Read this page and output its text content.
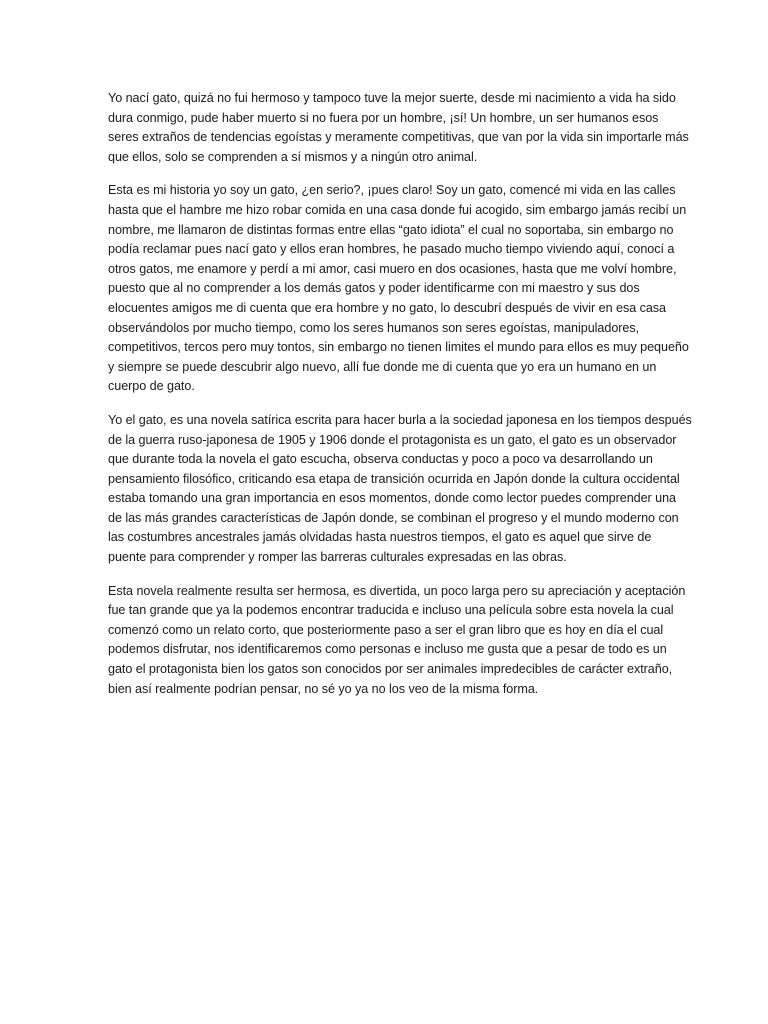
Yo nací gato, quizá no fui hermoso y tampoco tuve la mejor suerte, desde mi nacimiento a vida ha sido dura conmigo, pude haber muerto si no fuera por un hombre, ¡sí! Un hombre, un ser humanos esos seres extraños de tendencias egoístas y meramente competitivas, que van por la vida sin importarle más que ellos, solo se comprenden a sí mismos y a ningún otro animal.

Esta es mi historia yo soy un gato, ¿en serio?, ¡pues claro! Soy un gato, comencé mi vida en las calles hasta que el hambre me hizo robar comida en una casa donde fui acogido, sim embargo jamás recibí un nombre, me llamaron de distintas formas entre ellas “gato idiota” el cual no soportaba, sin embargo no podía reclamar pues nací gato y ellos eran hombres, he pasado mucho tiempo viviendo aquí, conocí a otros gatos, me enamore y perdí a mi amor, casi muero en dos ocasiones, hasta que me volví hombre, puesto que al no comprender a los demás gatos y poder identificarme con mi maestro y sus dos elocuentes amigos me di cuenta que era hombre y no gato, lo descubrí después de vivir en esa casa observándolos por mucho tiempo, como los seres humanos son seres egoístas, manipuladores, competitivos, tercos pero muy tontos, sin embargo no tienen limites el mundo para ellos es muy pequeño y siempre se puede descubrir algo nuevo, allí fue donde me di cuenta que yo era un humano en un cuerpo de gato.

Yo el gato, es una novela satírica escrita para hacer burla a la sociedad japonesa en los tiempos después de la guerra ruso-japonesa de 1905 y 1906 donde el protagonista es un gato, el gato es un observador que durante toda la novela el gato escucha, observa conductas y poco a poco va desarrollando un pensamiento filosófico, criticando esa etapa de transición ocurrida en Japón donde la cultura occidental estaba tomando una gran importancia en esos momentos, donde como lector puedes comprender una de las más grandes características de Japón donde, se combinan el progreso y el mundo moderno con las costumbres ancestrales jamás olvidadas hasta nuestros tiempos, el gato es aquel que sirve de puente para comprender y romper las barreras culturales expresadas en las obras.

Esta novela realmente resulta ser hermosa, es divertida, un poco larga pero su apreciación y aceptación fue tan grande que ya la podemos encontrar traducida e incluso una película sobre esta novela la cual comenzó como un relato corto, que posteriormente paso a ser el gran libro que es hoy en día el cual podemos disfrutar, nos identificaremos como personas e incluso me gusta que a pesar de todo es un gato el protagonista bien los gatos son conocidos por ser animales impredecibles de carácter extraño, bien así realmente podrían pensar, no sé yo ya no los veo de la misma forma.
